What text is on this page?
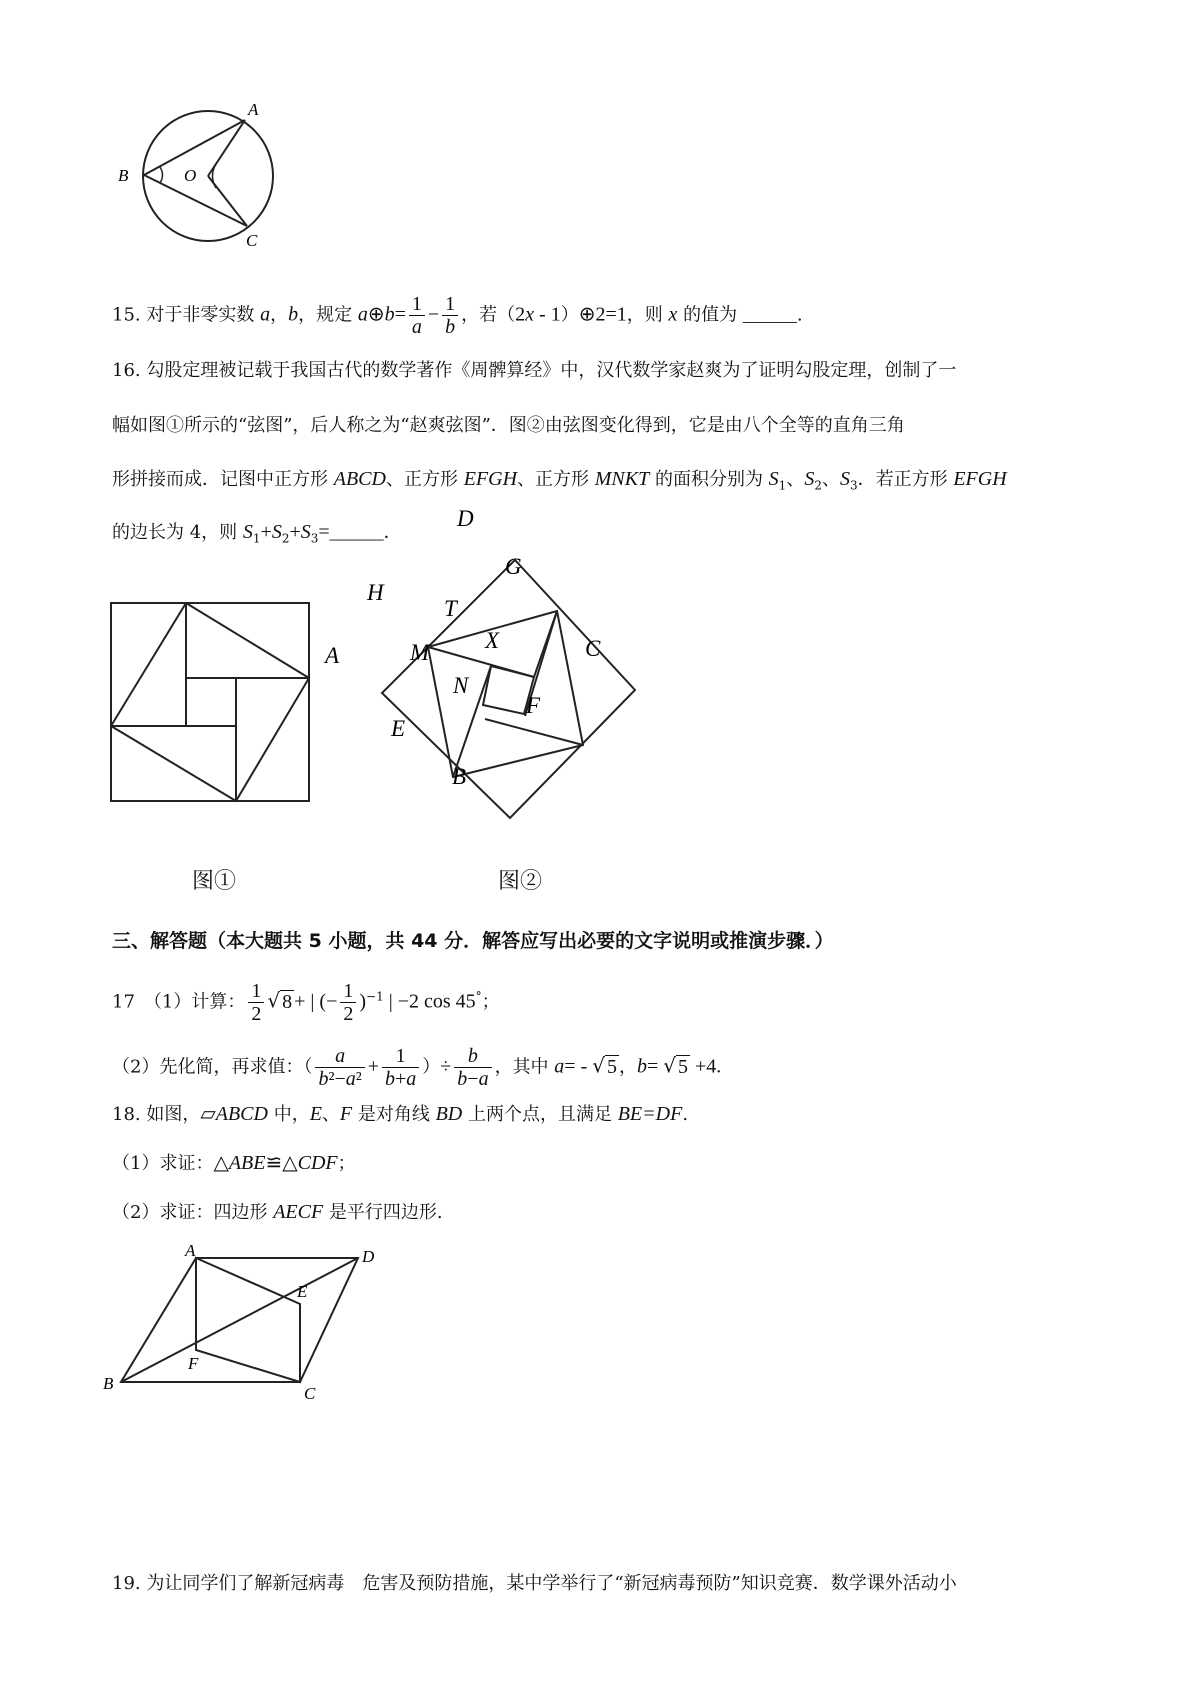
A
B	O
C
图①
D
G
H
T
X
A	C
M
N
F
E
B
图②
A	D
E
F
B
C
15. 对于非零实数 a，b，规定 a⊕b= $\frac{1}{a} - \frac{1}{b}$ ，若（2x - 1）⊕2=1，则 x 的值为 ______.
16. 勾股定理被记载于我国古代的数学著作《周髀算经》中，汉代数学家赵爽为了证明勾股定理，创制了一
幅如图①所示的“弦图”，后人称之为“赵爽弦图”．图②由弦图变化得到，它是由八个全等的直角三角
形拼接而成．记图中正方形 ABCD、正方形 EFGH、正方形 MNKT 的面积分别为 $S_1$、$S_2$、$S_3$．若正方形 EFGH
的边长为 4，则 $S_1+S_2+S_3=\_\_\_\_\_\_$．
三、解答题（本大题共 5 小题，共 44 分．解答应写出必要的文字说明或推演步骤．）
17　（1）计算： $\frac{1}{2}$ √ 8 + | (− $\frac{1}{2} )^{-1}$ | −2 cos 45°；
（2）先化简，再求值：（ $\frac{a}{\text{b²−a²}} + \frac{1}{b+a}$ ）÷ $\frac{b}{b-a}$ ，其中 a= - √ 5 ，b= √ 5 +4.
18. 如图，▱ABCD 中，E、F 是对角线 BD 上两个点，且满足 BE=DF.
（1）求证：△ABE≌△CDF；
（2）求证：四边形 AECF 是平行四边形.
19. 为让同学们了解新冠病毒　危害及预防措施，某中学举行了“新冠病毒预防”知识竞赛．数学课外活动小
